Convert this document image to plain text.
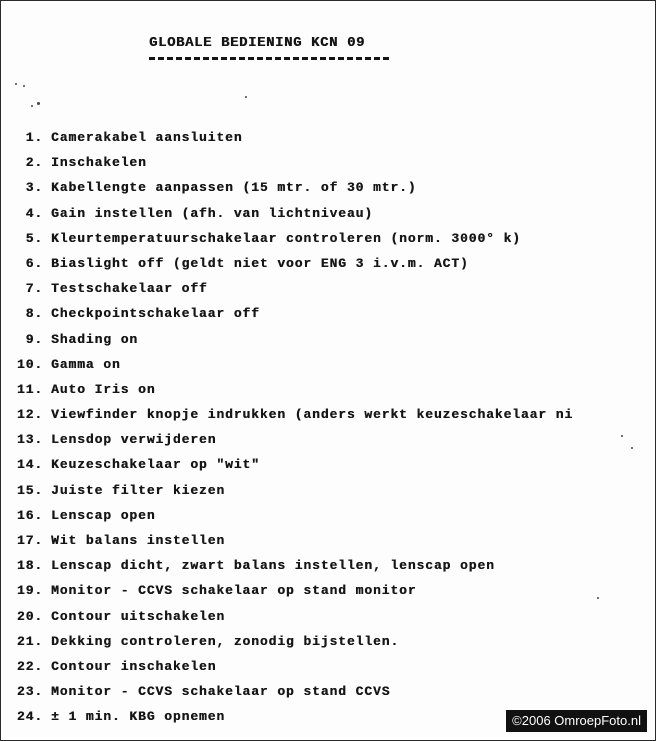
GLOBALE BEDIENING KCN 09
1. Camerakabel aansluiten
2. Inschakelen
3. Kabellengte aanpassen (15 mtr. of 30 mtr.)
4. Gain instellen (afh. van lichtniveau)
5. Kleurtemperatuurschakelaar controleren (norm. 3000° k)
6. Biaslight off (geldt niet voor ENG 3 i.v.m. ACT)
7. Testschakelaar off
8. Checkpointschakelaar off
9. Shading on
10. Gamma on
11. Auto Iris on
12. Viewfinder knopje indrukken (anders werkt keuzeschakelaar ni
13. Lensdop verwijderen
14. Keuzeschakelaar op "wit"
15. Juiste filter kiezen
16. Lenscap open
17. Wit balans instellen
18. Lenscap dicht, zwart balans instellen, lenscap open
19. Monitor - CCVS schakelaar op stand monitor
20. Contour uitschakelen
21. Dekking controleren, zonodig bijstellen.
22. Contour inschakelen
23. Monitor - CCVS schakelaar op stand CCVS
24. ± 1 min. KBG opnemen	©2006 OmroepFoto.nl
